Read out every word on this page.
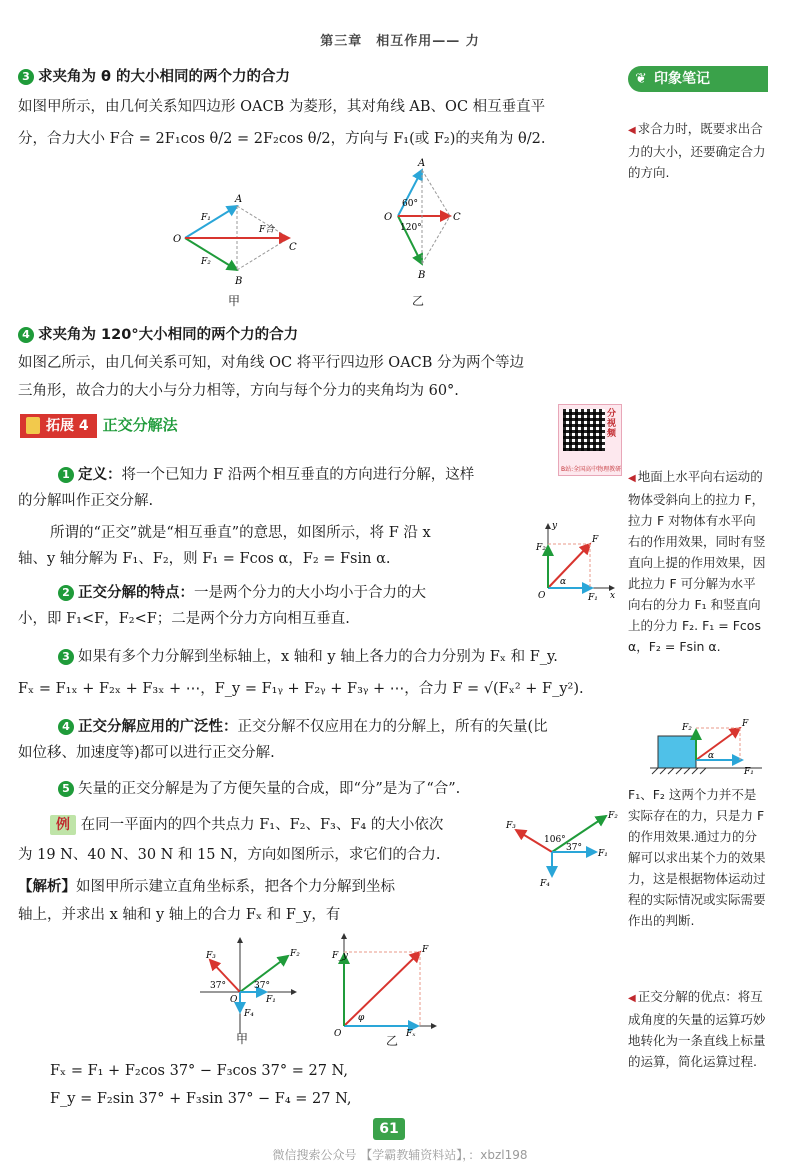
第三章　相互作用—— 力
❦ 印象笔记
3 求夹角为 θ 的大小相同的两个力的合力
如图甲所示，由几何关系知四边形 OACB 为菱形，其对角线 AB、OC 相互垂直平
分，合力大小 F合 = 2F₁cos θ/2 = 2F₂cos θ/2，方向与 F₁(或 F₂)的夹角为 θ/2.
O
A
B
C
F₁
F₂
F合
甲
O
A
B
C
60°
120°
乙
4 求夹角为 120°大小相同的两个力的合力
如图乙所示，由几何关系可知，对角线 OC 将平行四边形 OACB 分为两个等边
三角形，故合力的大小与分力相等，方向与每个分力的夹角均为 60°.
拓展 4 正交分解法
分视频
B站:全国高中物理教研
1 定义：将一个已知力 F 沿两个相互垂直的方向进行分解，这样
的分解叫作正交分解.
所谓的“正交”就是“相互垂直”的意思，如图所示，将 F 沿 x
轴、y 轴分解为 F₁、F₂，则 F₁ = Fcos α，F₂ = Fsin α.
F
F₂
F₁
α
O	x
y
2 正交分解的特点：一是两个分力的大小均小于合力的大
小，即 F₁<F，F₂<F；二是两个分力方向相互垂直.
3 如果有多个力分解到坐标轴上，x 轴和 y 轴上各力的合力分别为 Fₓ 和 F_y.
Fₓ = F₁ₓ + F₂ₓ + F₃ₓ + ⋯，F_y = F₁ᵧ + F₂ᵧ + F₃ᵧ + ⋯，合力 F = √(Fₓ² + F_y²).
4 正交分解应用的广泛性：正交分解不仅应用在力的分解上，所有的矢量(比
如位移、加速度等)都可以进行正交分解.
5 矢量的正交分解是为了方便矢量的合成，即“分”是为了“合”.
例 在同一平面内的四个共点力 F₁、F₂、F₃、F₄ 的大小依次
为 19 N、40 N、30 N 和 15 N，方向如图所示，求它们的合力.
F₂
F₃
F₁
F₄
106°
37°
【解析】如图甲所示建立直角坐标系，把各个力分解到坐标
轴上，并求出 x 轴和 y 轴上的合力 Fₓ 和 F_y，有
F₂
F₃
F₁
F₄
37°	37°
O
甲
F
F_y
Fₓ
φ
O	乙
Fₓ = F₁ + F₂cos 37° − F₃cos 37° = 27 N,
F_y = F₂sin 37° + F₃sin 37° − F₄ = 27 N,
◀ 求合力时，既要求出合力的大小，还要确定合力的方向.
◀ 地面上水平向右运动的物体受斜向上的拉力 F，拉力 F 对物体有水平向右的作用效果，同时有竖直向上提的作用效果，因此拉力 F 可分解为水平向右的分力 F₁ 和竖直向上的分力 F₂. F₁ = Fcos α，F₂ = Fsin α.
F
F₂
F₁
α
F₁、F₂ 这两个力并不是实际存在的力，只是力 F 的作用效果.通过力的分解可以求出某个力的效果力，这是根据物体运动过程的实际情况或实际需要作出的判断.
◀ 正交分解的优点：将互成角度的矢量的运算巧妙地转化为一条直线上标量的运算，简化运算过程.
61
微信搜索公众号 【学霸教辅资料站】，：xbzl198
